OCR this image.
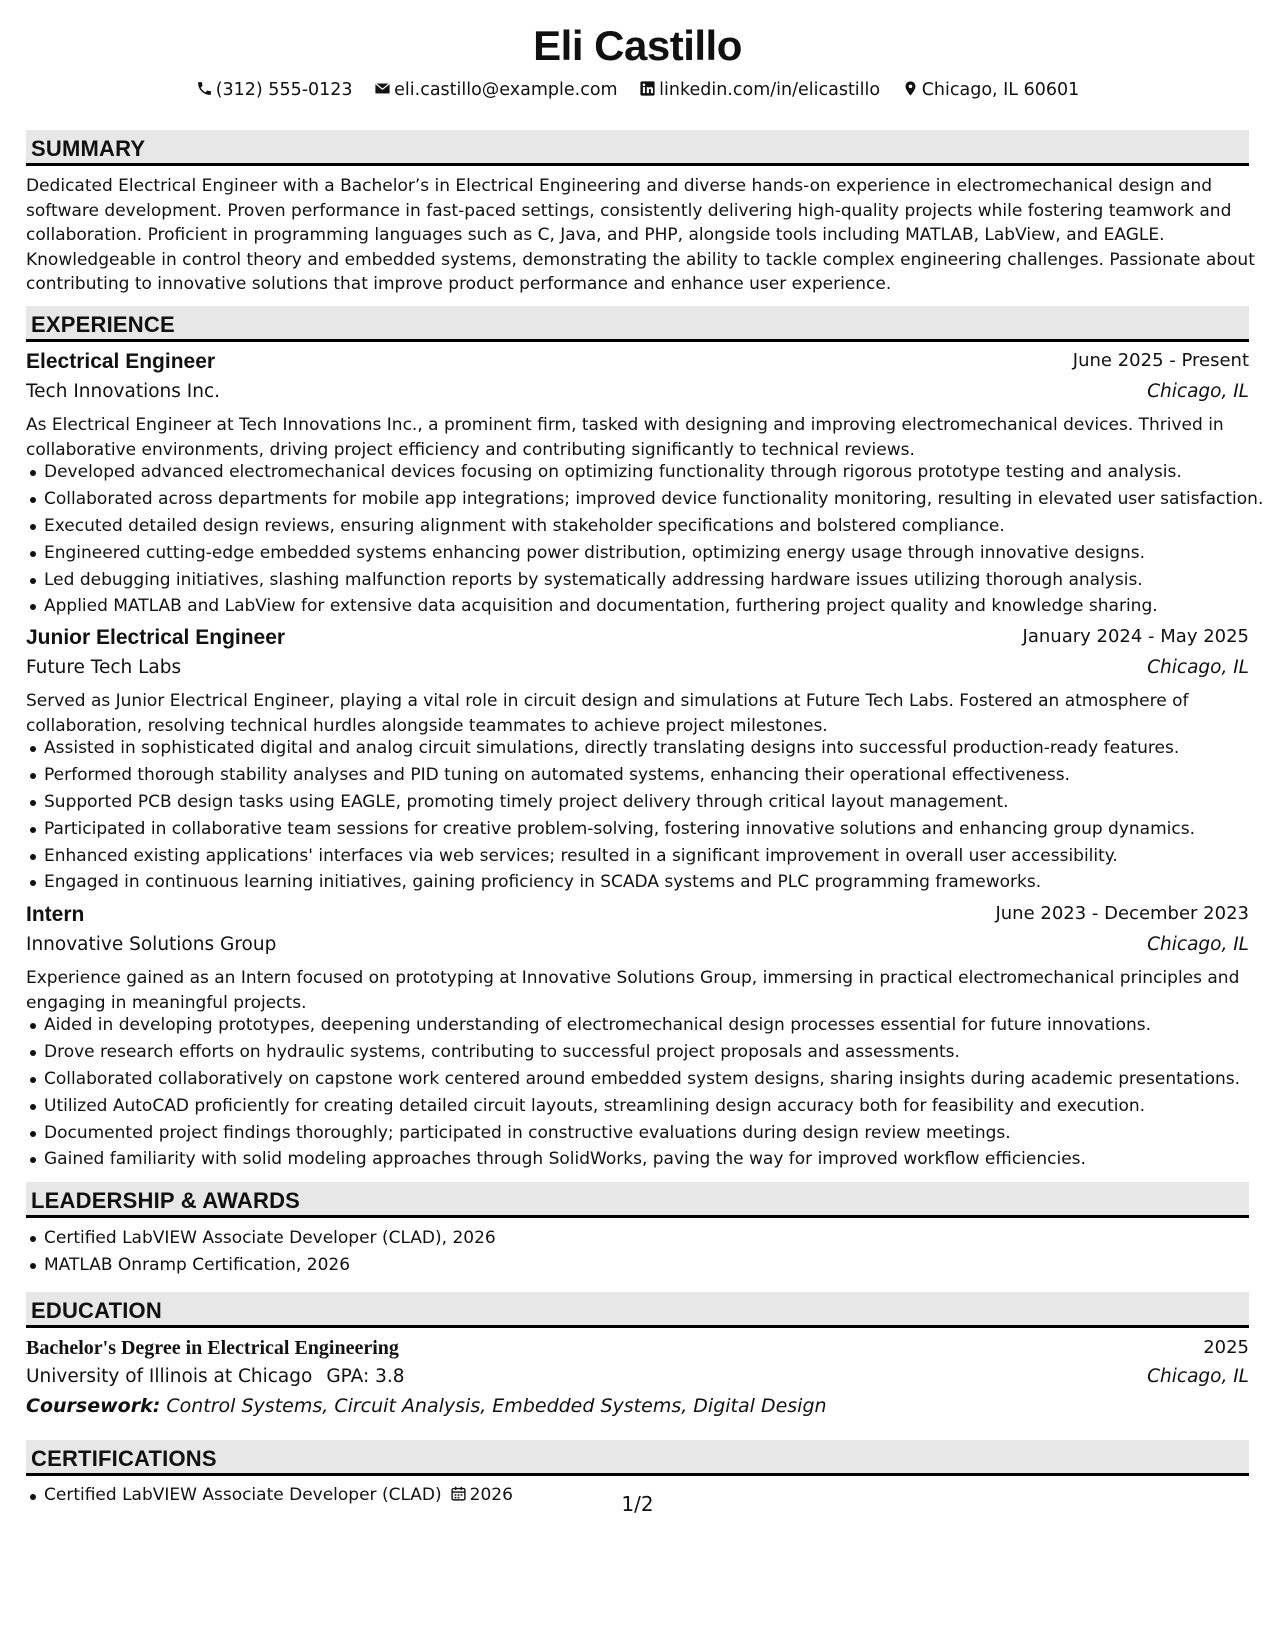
Eli Castillo
(312) 555-0123 eli.castillo@example.com linkedin.com/in/elicastillo Chicago, IL 60601
SUMMARY
Dedicated Electrical Engineer with a Bachelor’s in Electrical Engineering and diverse hands-on experience in electromechanical design and software development. Proven performance in fast-paced settings, consistently delivering high-quality projects while fostering teamwork and collaboration. Proficient in programming languages such as C, Java, and PHP, alongside tools including MATLAB, LabView, and EAGLE. Knowledgeable in control theory and embedded systems, demonstrating the ability to tackle complex engineering challenges. Passionate about contributing to innovative solutions that improve product performance and enhance user experience.
EXPERIENCE
Electrical Engineer	June 2025 - Present
Tech Innovations Inc.	Chicago, IL
As Electrical Engineer at Tech Innovations Inc., a prominent firm, tasked with designing and improving electromechanical devices. Thrived in collaborative environments, driving project efficiency and contributing significantly to technical reviews.
Developed advanced electromechanical devices focusing on optimizing functionality through rigorous prototype testing and analysis.
Collaborated across departments for mobile app integrations; improved device functionality monitoring, resulting in elevated user satisfaction.
Executed detailed design reviews, ensuring alignment with stakeholder specifications and bolstered compliance.
Engineered cutting-edge embedded systems enhancing power distribution, optimizing energy usage through innovative designs.
Led debugging initiatives, slashing malfunction reports by systematically addressing hardware issues utilizing thorough analysis.
Applied MATLAB and LabView for extensive data acquisition and documentation, furthering project quality and knowledge sharing.
Junior Electrical Engineer	January 2024 - May 2025
Future Tech Labs	Chicago, IL
Served as Junior Electrical Engineer, playing a vital role in circuit design and simulations at Future Tech Labs. Fostered an atmosphere of collaboration, resolving technical hurdles alongside teammates to achieve project milestones.
Assisted in sophisticated digital and analog circuit simulations, directly translating designs into successful production-ready features.
Performed thorough stability analyses and PID tuning on automated systems, enhancing their operational effectiveness.
Supported PCB design tasks using EAGLE, promoting timely project delivery through critical layout management.
Participated in collaborative team sessions for creative problem-solving, fostering innovative solutions and enhancing group dynamics.
Enhanced existing applications' interfaces via web services; resulted in a significant improvement in overall user accessibility.
Engaged in continuous learning initiatives, gaining proficiency in SCADA systems and PLC programming frameworks.
Intern	June 2023 - December 2023
Innovative Solutions Group	Chicago, IL
Experience gained as an Intern focused on prototyping at Innovative Solutions Group, immersing in practical electromechanical principles and engaging in meaningful projects.
Aided in developing prototypes, deepening understanding of electromechanical design processes essential for future innovations.
Drove research efforts on hydraulic systems, contributing to successful project proposals and assessments.
Collaborated collaboratively on capstone work centered around embedded system designs, sharing insights during academic presentations.
Utilized AutoCAD proficiently for creating detailed circuit layouts, streamlining design accuracy both for feasibility and execution.
Documented project findings thoroughly; participated in constructive evaluations during design review meetings.
Gained familiarity with solid modeling approaches through SolidWorks, paving the way for improved workflow efficiencies.
LEADERSHIP & AWARDS
Certified LabVIEW Associate Developer (CLAD), 2026
MATLAB Onramp Certification, 2026
EDUCATION
Bachelor's Degree in Electrical Engineering	2025
University of Illinois at Chicago GPA: 3.8	Chicago, IL
Coursework: Control Systems, Circuit Analysis, Embedded Systems, Digital Design
CERTIFICATIONS
Certified LabVIEW Associate Developer (CLAD) 2026	1/2
